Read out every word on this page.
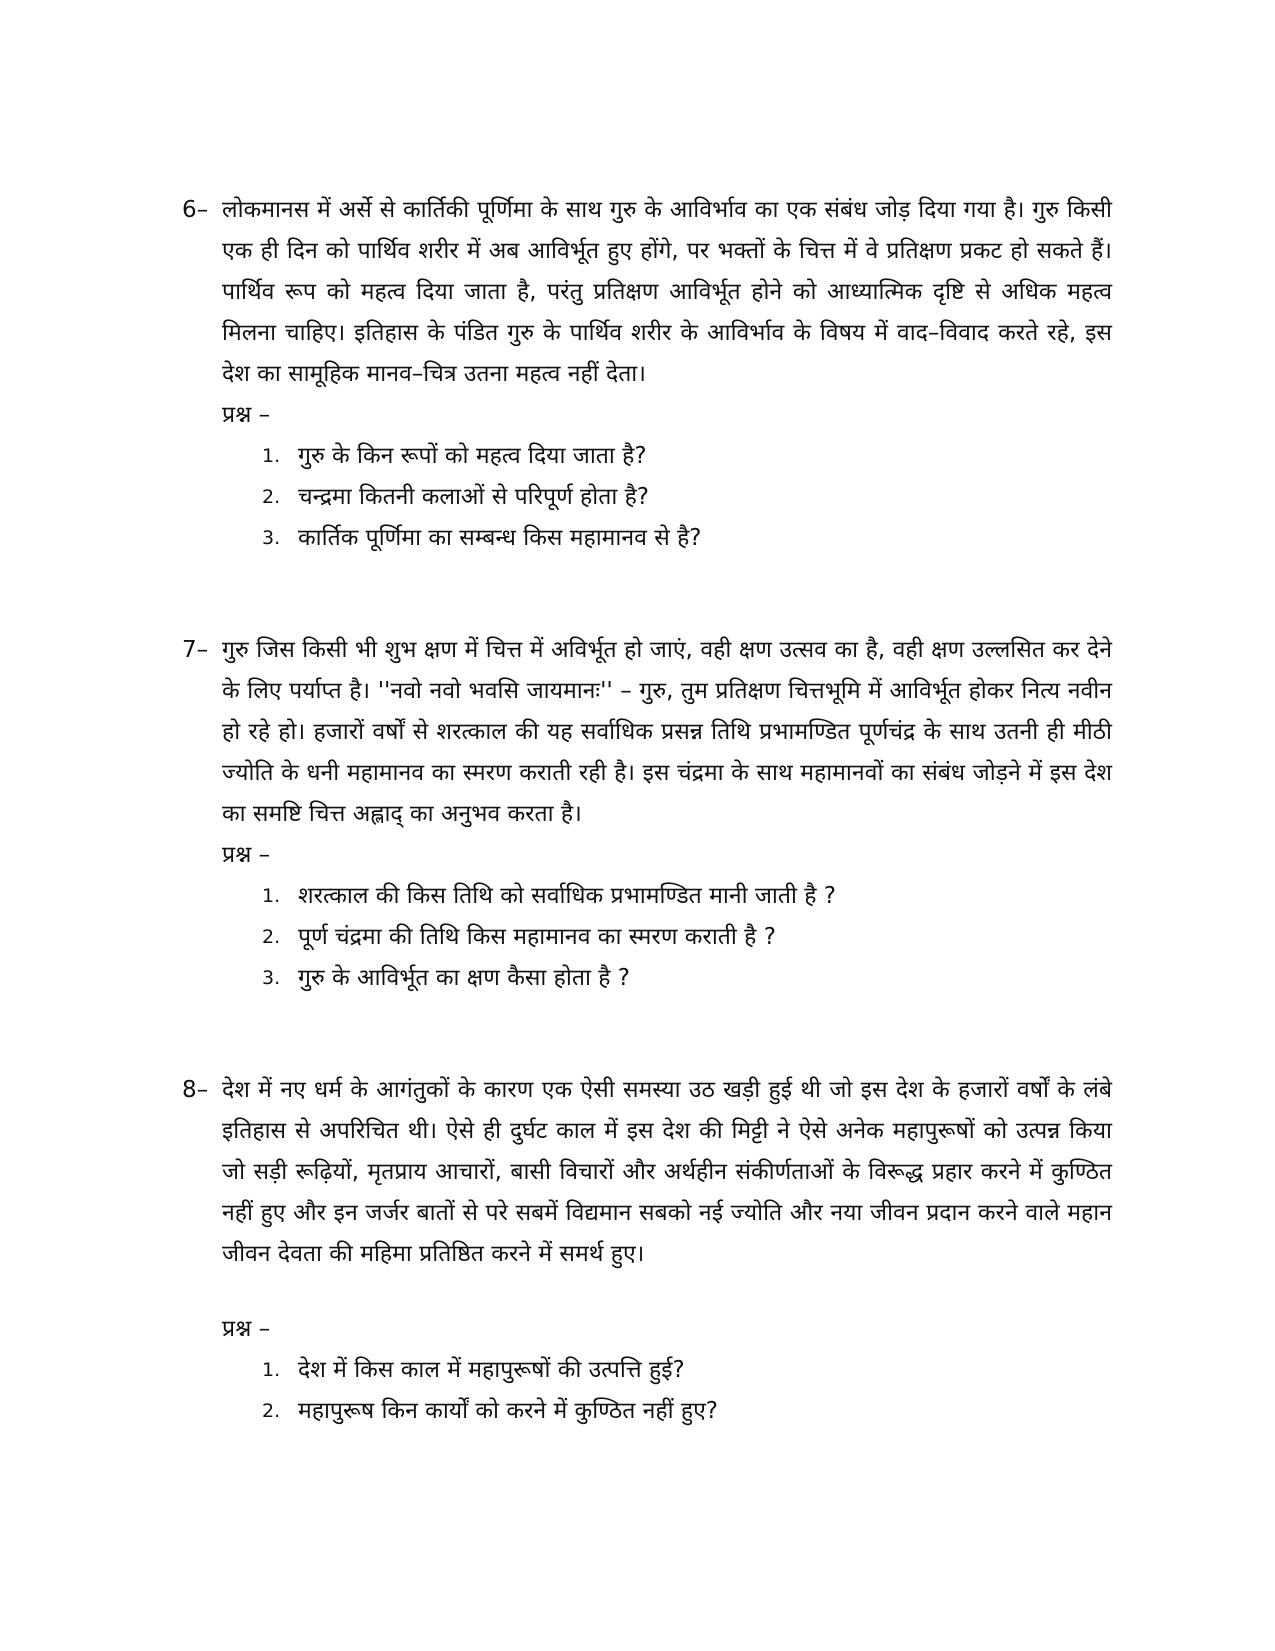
6– लोकमानस में अर्से से कार्तिकी पूर्णिमा के साथ गुरु के आविर्भाव का एक संबंध जोड़ दिया गया है। गुरु किसी एक ही दिन को पार्थिव शरीर में अब आविर्भूत हुए होंगे, पर भक्तों के चित्त में वे प्रतिक्षण प्रकट हो सकते हैं। पार्थिव रूप को महत्व दिया जाता है, परंतु प्रतिक्षण आविर्भूत होने को आध्यात्मिक दृष्टि से अधिक महत्व मिलना चाहिए। इतिहास के पंडित गुरु के पार्थिव शरीर के आविर्भाव के विषय में वाद–विवाद करते रहे, इस देश का सामूहिक मानव–चित्र उतना महत्व नहीं देता।
प्रश्न –
1. गुरु के किन रूपों को महत्व दिया जाता है?
2. चन्द्रमा कितनी कलाओं से परिपूर्ण होता है?
3. कार्तिक पूर्णिमा का सम्बन्ध किस महामानव से है?
7– गुरु जिस किसी भी शुभ क्षण में चित्त में अविर्भूत हो जाएं, वही क्षण उत्सव का है, वही क्षण उल्लसित कर देने के लिए पर्याप्त है। ''नवो नवो भवसि जायमानः'' – गुरु, तुम प्रतिक्षण चित्तभूमि में आविर्भूत होकर नित्य नवीन हो रहे हो। हजारों वर्षों से शरत्काल की यह सर्वाधिक प्रसन्न तिथि प्रभामण्डित पूर्णचंद्र के साथ उतनी ही मीठी ज्योति के धनी महामानव का स्मरण कराती रही है। इस चंद्रमा के साथ महामानवों का संबंध जोड़ने में इस देश का समष्टि चित्त अह्लाद् का अनुभव करता है।
प्रश्न –
1. शरत्काल की किस तिथि को सर्वाधिक प्रभामण्डित मानी जाती है ?
2. पूर्ण चंद्रमा की तिथि किस महामानव का स्मरण कराती है ?
3. गुरु के आविर्भूत का क्षण कैसा होता है ?
8– देश में नए धर्म के आगंतुकों के कारण एक ऐसी समस्या उठ खड़ी हुई थी जो इस देश के हजारों वर्षों के लंबे इतिहास से अपरिचित थी। ऐसे ही दुर्घट काल में इस देश की मिट्टी ने ऐसे अनेक महापुरूषों को उत्पन्न किया जो सड़ी रूढ़ियों, मृतप्राय आचारों, बासी विचारों और अर्थहीन संकीर्णताओं के विरूद्ध प्रहार करने में कुण्ठित नहीं हुए और इन जर्जर बातों से परे सबमें विद्यमान सबको नई ज्योति और नया जीवन प्रदान करने वाले महान जीवन देवता की महिमा प्रतिष्ठित करने में समर्थ हुए।
प्रश्न –
1. देश में किस काल में महापुरूषों की उत्पत्ति हुई?
2. महापुरूष किन कार्यों को करने में कुण्ठित नहीं हुए?
